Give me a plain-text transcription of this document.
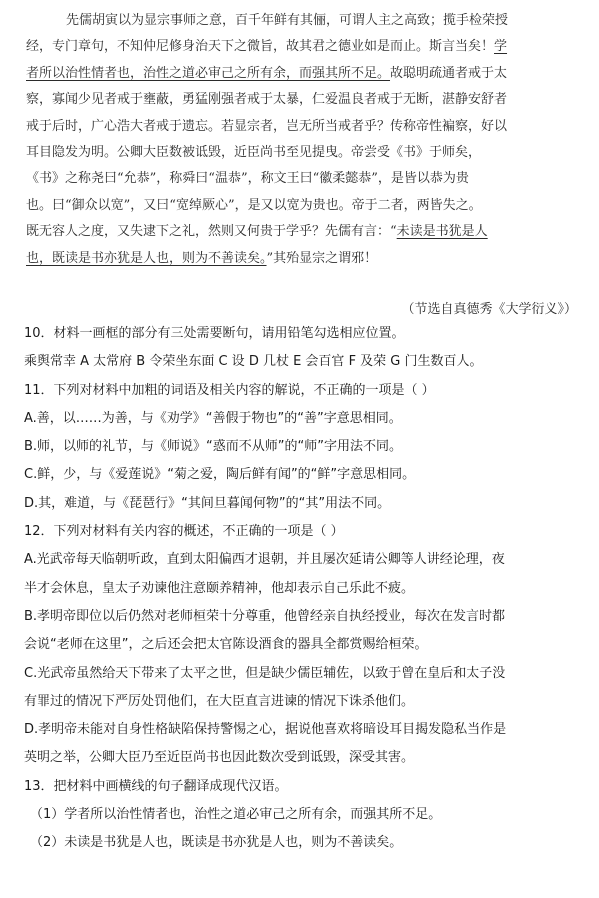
先儒胡寅以为显宗事师之意，百千年鲜有其俪，可谓人主之高致；揽手检荣授
经，专门章句，不知仲尼修身治天下之微旨，故其君之德业如是而止。斯言当矣！学
者所以治性情者也，治性之道必审己之所有余，而强其所不足。故聪明疏通者戒于太
察，寡闻少见者戒于壅蔽，勇猛刚强者戒于太暴，仁爱温良者戒于无断，湛静安舒者
戒于后时，广心浩大者戒于遗忘。若显宗者，岂无所当戒者乎？传称帝性褊察，好以
耳目隐发为明。公卿大臣数被诋毁，近臣尚书至见提曳。帝尝受《书》于师矣，
《书》之称尧曰“允恭”，称舜曰“温恭”，称文王曰“徽柔懿恭”，是皆以恭为贵
也。曰“御众以宽”，又曰“宽绰厥心”，是又以宽为贵也。帝于二者，两皆失之。
既无容人之度，又失逮下之礼，然则又何贵于学乎？先儒有言：“未读是书犹是人
也，既读是书亦犹是人也，则为不善读矣。”其殆显宗之谓邪！
（节选自真德秀《大学衍义》）
10．材料一画框的部分有三处需要断句，请用铅笔勾选相应位置。
乘舆常幸 A 太常府 B 令荣坐东面 C 设 D 几杖 E 会百官 F 及荣 G 门生数百人。
11．下列对材料中加粗的词语及相关内容的解说，不正确的一项是（ ）
A.善，以……为善，与《劝学》“善假于物也”的“善”字意思相同。
B.师，以师的礼节，与《师说》“惑而不从师”的“师”字用法不同。
C.鲜，少，与《爱莲说》“菊之爱，陶后鲜有闻”的“鲜”字意思相同。
D.其，难道，与《琵琶行》“其间旦暮闻何物”的“其”用法不同。
12．下列对材料有关内容的概述，不正确的一项是（ ）
A.光武帝每天临朝听政，直到太阳偏西才退朝，并且屡次延请公卿等人讲经论理，夜
半才会休息，皇太子劝谏他注意颐养精神，他却表示自己乐此不疲。
B.孝明帝即位以后仍然对老师桓荣十分尊重，他曾经亲自执经授业，每次在发言时都
会说“老师在这里”，之后还会把太官陈设酒食的器具全都赏赐给桓荣。
C.光武帝虽然给天下带来了太平之世，但是缺少儒臣辅佐，以致于曾在皇后和太子没
有罪过的情况下严厉处罚他们，在大臣直言进谏的情况下诛杀他们。
D.孝明帝未能对自身性格缺陷保持警惕之心，据说他喜欢将暗设耳目揭发隐私当作是
英明之举，公卿大臣乃至近臣尚书也因此数次受到诋毁，深受其害。
13．把材料中画横线的句子翻译成现代汉语。
（1）学者所以治性情者也，治性之道必审己之所有余，而强其所不足。
（2）未读是书犹是人也，既读是书亦犹是人也，则为不善读矣。
